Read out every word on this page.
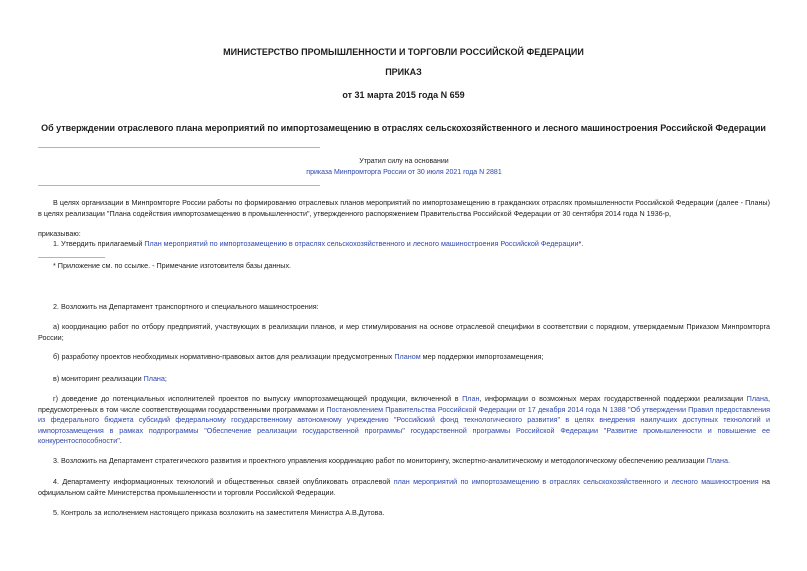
МИНИСТЕРСТВО ПРОМЫШЛЕННОСТИ И ТОРГОВЛИ РОССИЙСКОЙ ФЕДЕРАЦИИ
ПРИКАЗ
от 31 марта 2015 года N 659
Об утверждении отраслевого плана мероприятий по импортозамещению в отраслях сельскохозяйственного и лесного машиностроения Российской Федерации
Утратил силу на основании
приказа Минпромторга России от 30 июля 2021 года N 2881
В целях организации в Минпромторге России работы по формированию отраслевых планов мероприятий по импортозамещению в гражданских отраслях промышленности Российской Федерации (далее - Планы) в целях реализации "Плана содействия импортозамещению в промышленности", утвержденного распоряжением Правительства Российской Федерации от 30 сентября 2014 года N 1936-р,
приказываю:
1. Утвердить прилагаемый План мероприятий по импортозамещению в отраслях сельскохозяйственного и лесного машиностроения Российской Федерации*.
* Приложение см. по ссылке. - Примечание изготовителя базы данных.
2. Возложить на Департамент транспортного и специального машиностроения:
а) координацию работ по отбору предприятий, участвующих в реализации планов, и мер стимулирования на основе отраслевой специфики в соответствии с порядком, утверждаемым Приказом Минпромторга России;
б) разработку проектов необходимых нормативно-правовых актов для реализации предусмотренных Планом мер поддержки импортозамещения;
в) мониторинг реализации Плана;
г) доведение до потенциальных исполнителей проектов по выпуску импортозамещающей продукции, включенной в План, информации о возможных мерах государственной поддержки реализации Плана, предусмотренных в том числе соответствующими государственными программами и Постановлением Правительства Российской Федерации от 17 декабря 2014 года N 1388 "Об утверждении Правил предоставления из федерального бюджета субсидий федеральному государственному автономному учреждению "Российский фонд технологического развития" в целях внедрения наилучших доступных технологий и импортозамещения в рамках подпрограммы "Обеспечение реализации государственной программы" государственной программы Российской Федерации "Развитие промышленности и повышение ее конкурентоспособности".
3. Возложить на Департамент стратегического развития и проектного управления координацию работ по мониторингу, экспертно-аналитическому и методологическому обеспечению реализации Плана.
4. Департаменту информационных технологий и общественных связей опубликовать отраслевой план мероприятий по импортозамещению в отраслях сельскохозяйственного и лесного машиностроения на официальном сайте Министерства промышленности и торговли Российской Федерации.
5. Контроль за исполнением настоящего приказа возложить на заместителя Министра А.В.Дутова.
